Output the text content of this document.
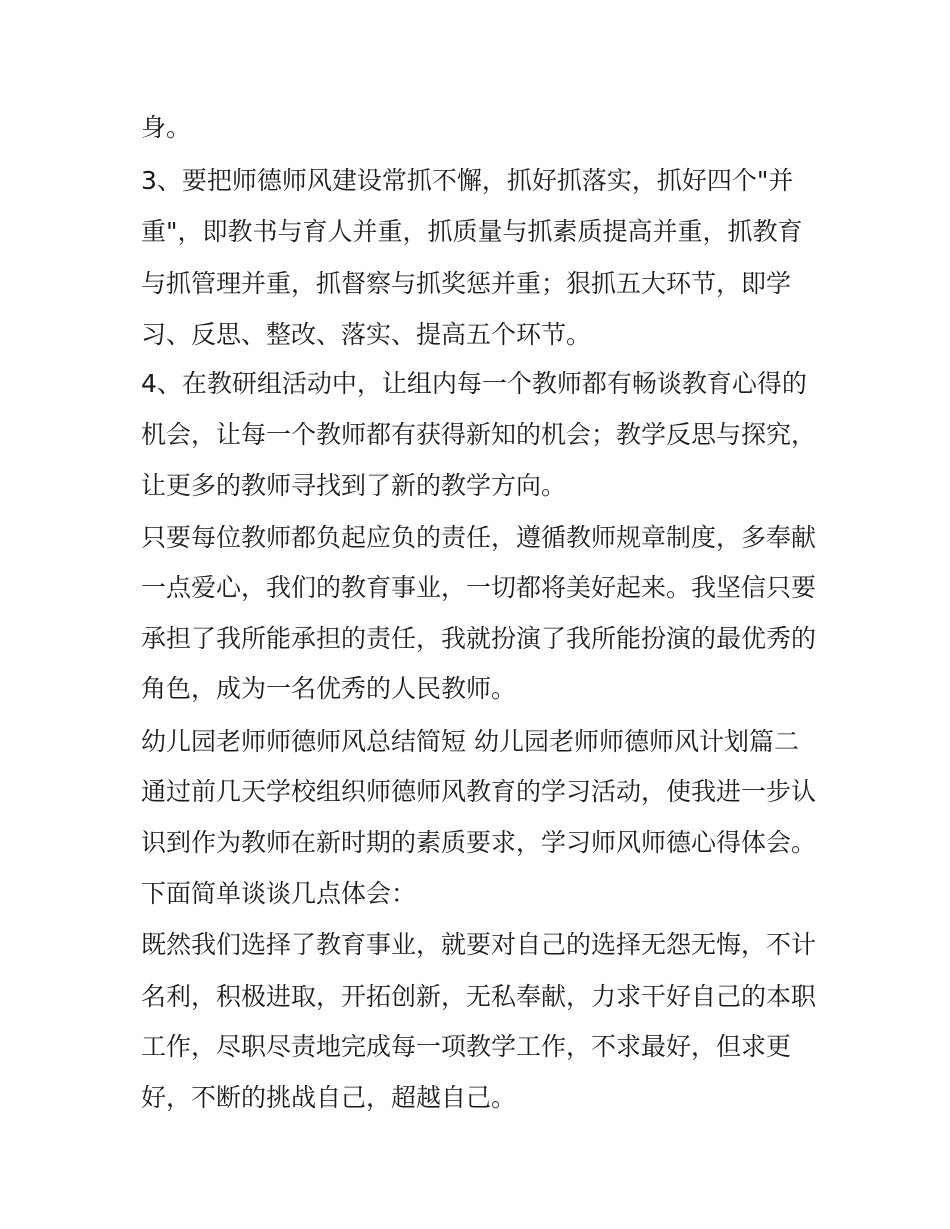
身。
3、要把师德师风建设常抓不懈，抓好抓落实，抓好四个"并
重"，即教书与育人并重，抓质量与抓素质提高并重，抓教育
与抓管理并重，抓督察与抓奖惩并重；狠抓五大环节，即学
习、反思、整改、落实、提高五个环节。
4、在教研组活动中，让组内每一个教师都有畅谈教育心得的
机会，让每一个教师都有获得新知的机会；教学反思与探究，
让更多的教师寻找到了新的教学方向。
只要每位教师都负起应负的责任，遵循教师规章制度，多奉献
一点爱心，我们的教育事业，一切都将美好起来。我坚信只要
承担了我所能承担的责任，我就扮演了我所能扮演的最优秀的
角色，成为一名优秀的人民教师。
幼儿园老师师德师风总结简短 幼儿园老师师德师风计划篇二
通过前几天学校组织师德师风教育的学习活动，使我进一步认
识到作为教师在新时期的素质要求，学习师风师德心得体会。
下面简单谈谈几点体会：
既然我们选择了教育事业，就要对自己的选择无怨无悔，不计
名利，积极进取，开拓创新，无私奉献，力求干好自己的本职
工作，尽职尽责地完成每一项教学工作，不求最好，但求更
好，不断的挑战自己，超越自己。
